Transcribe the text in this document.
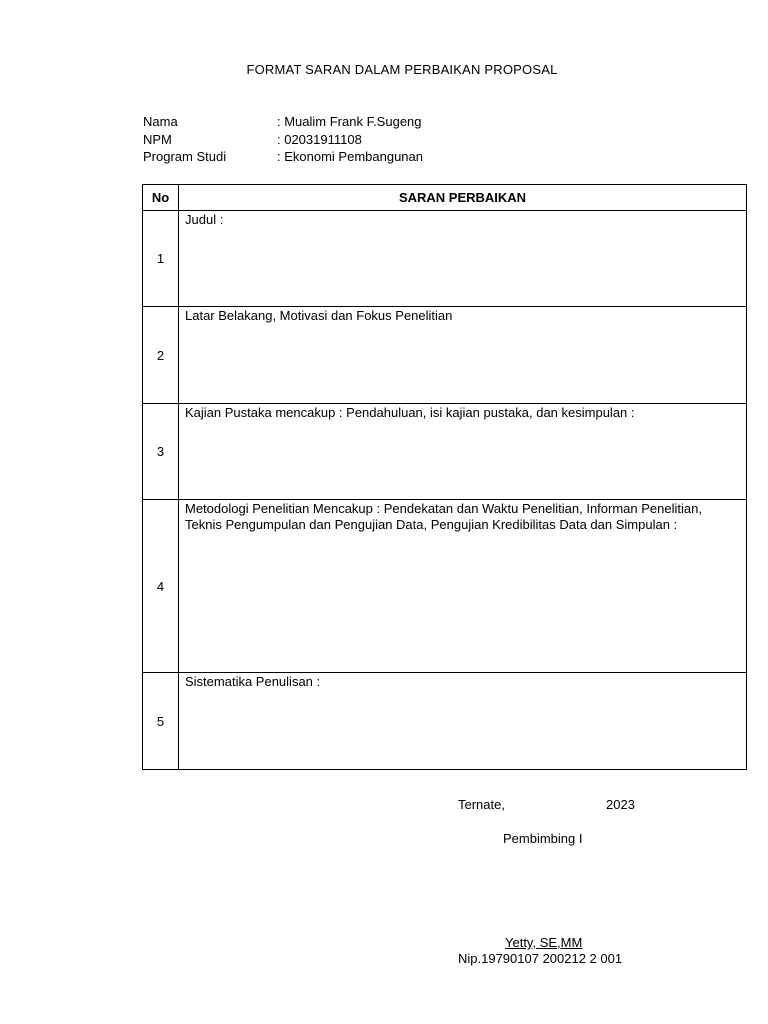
FORMAT SARAN DALAM PERBAIKAN PROPOSAL
Nama	: Mualim Frank F.Sugeng
NPM	: 02031911108
Program Studi	: Ekonomi Pembangunan
No	SARAN PERBAIKAN
1	Judul :
2	Latar Belakang, Motivasi dan Fokus Penelitian
3	Kajian Pustaka mencakup : Pendahuluan, isi kajian pustaka, dan kesimpulan :
4	Metodologi Penelitian Mencakup : Pendekatan dan Waktu Penelitian, Informan Penelitian, Teknis Pengumpulan dan Pengujian Data, Pengujian Kredibilitas Data dan Simpulan :
5	Sistematika Penulisan :
Ternate,	2023
Pembimbing I
Yetty, SE,MM
Nip.19790107 200212 2 001
